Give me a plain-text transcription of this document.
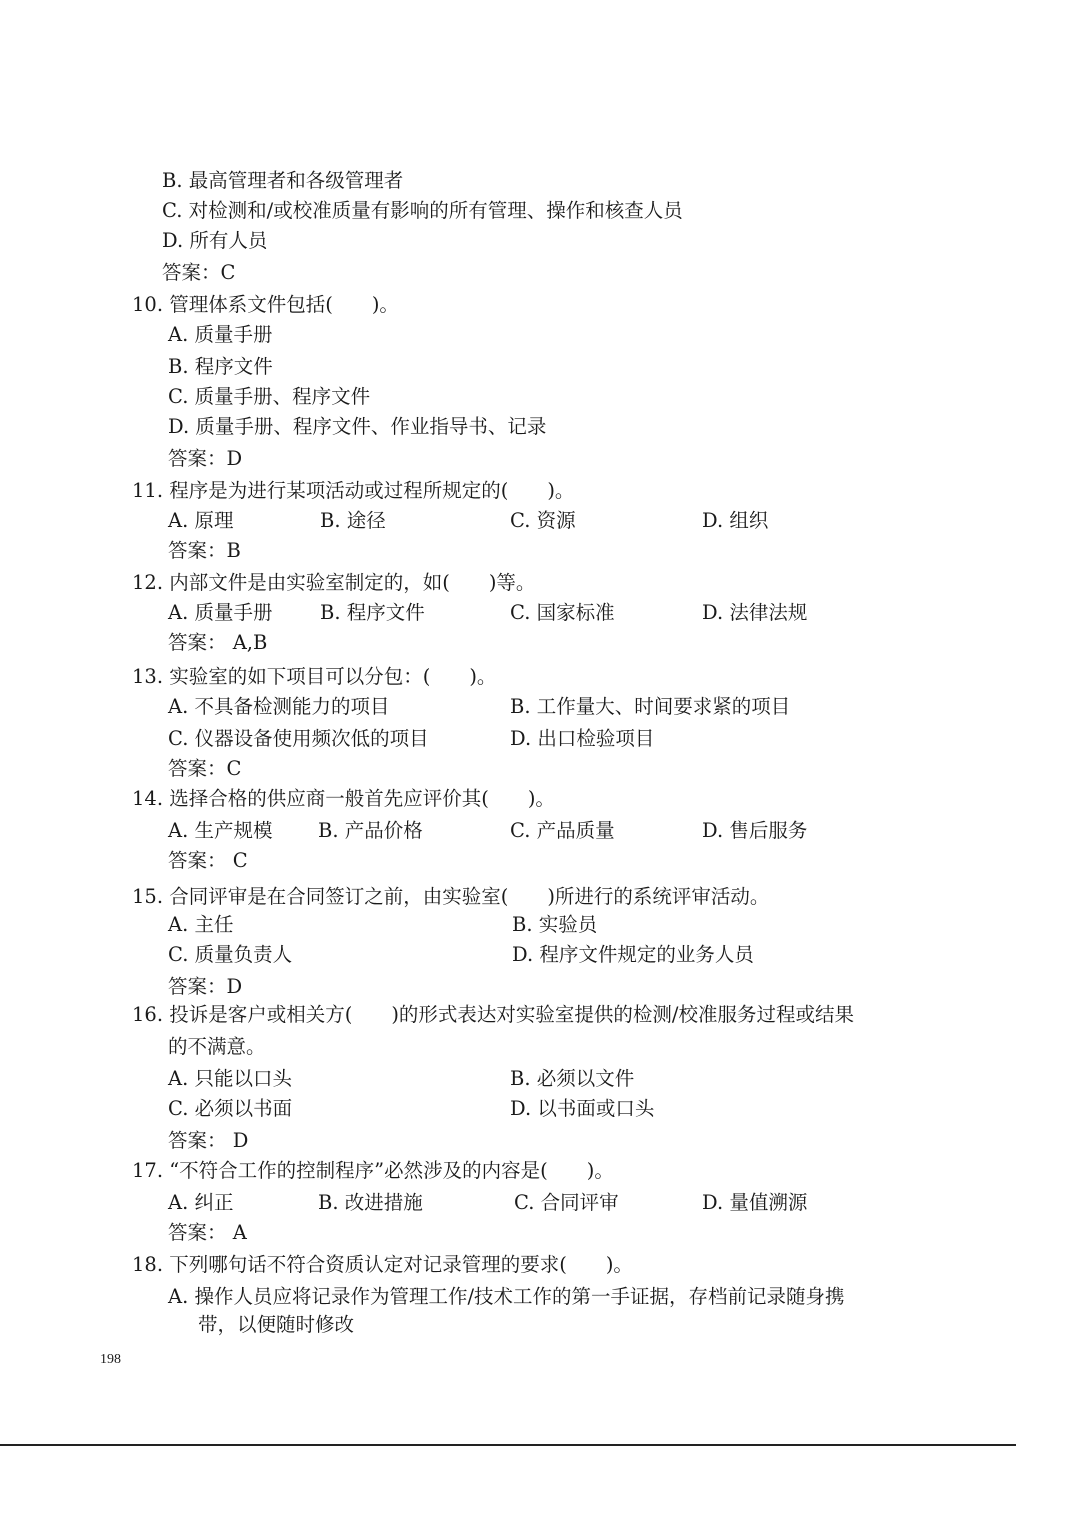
B. 最高管理者和各级管理者
C. 对检测和/或校准质量有影响的所有管理、操作和核查人员
D. 所有人员
答案：C
10. 管理体系文件包括(　　)。
A. 质量手册
B. 程序文件
C. 质量手册、程序文件
D. 质量手册、程序文件、作业指导书、记录
答案：D
11. 程序是为进行某项活动或过程所规定的(　　)。
A. 原理	B. 途径	C. 资源	D. 组织
答案：B
12. 内部文件是由实验室制定的，如(　　)等。
A. 质量手册 B. 程序文件	C. 国家标准	D. 法律法规
答案： A,B
13. 实验室的如下项目可以分包：(　　)。
A. 不具备检测能力的项目	B. 工作量大、时间要求紧的项目
C. 仪器设备使用频次低的项目	D. 出口检验项目
答案：C
14. 选择合格的供应商一般首先应评价其(　　)。
A. 生产规模 B. 产品价格	C. 产品质量	D. 售后服务
答案： C
15. 合同评审是在合同签订之前，由实验室(　　)所进行的系统评审活动。
A. 主任	B. 实验员
C. 质量负责人	D. 程序文件规定的业务人员
答案：D
16. 投诉是客户或相关方(　　)的形式表达对实验室提供的检测/校准服务过程或结果
的不满意。
A. 只能以口头	B. 必须以文件
C. 必须以书面	D. 以书面或口头
答案： D
17. “不符合工作的控制程序”必然涉及的内容是(　　)。
A. 纠正	B. 改进措施	C. 合同评审	D. 量值溯源
答案： A
18. 下列哪句话不符合资质认定对记录管理的要求(　　)。
A. 操作人员应将记录作为管理工作/技术工作的第一手证据，存档前记录随身携
带，以便随时修改
198
